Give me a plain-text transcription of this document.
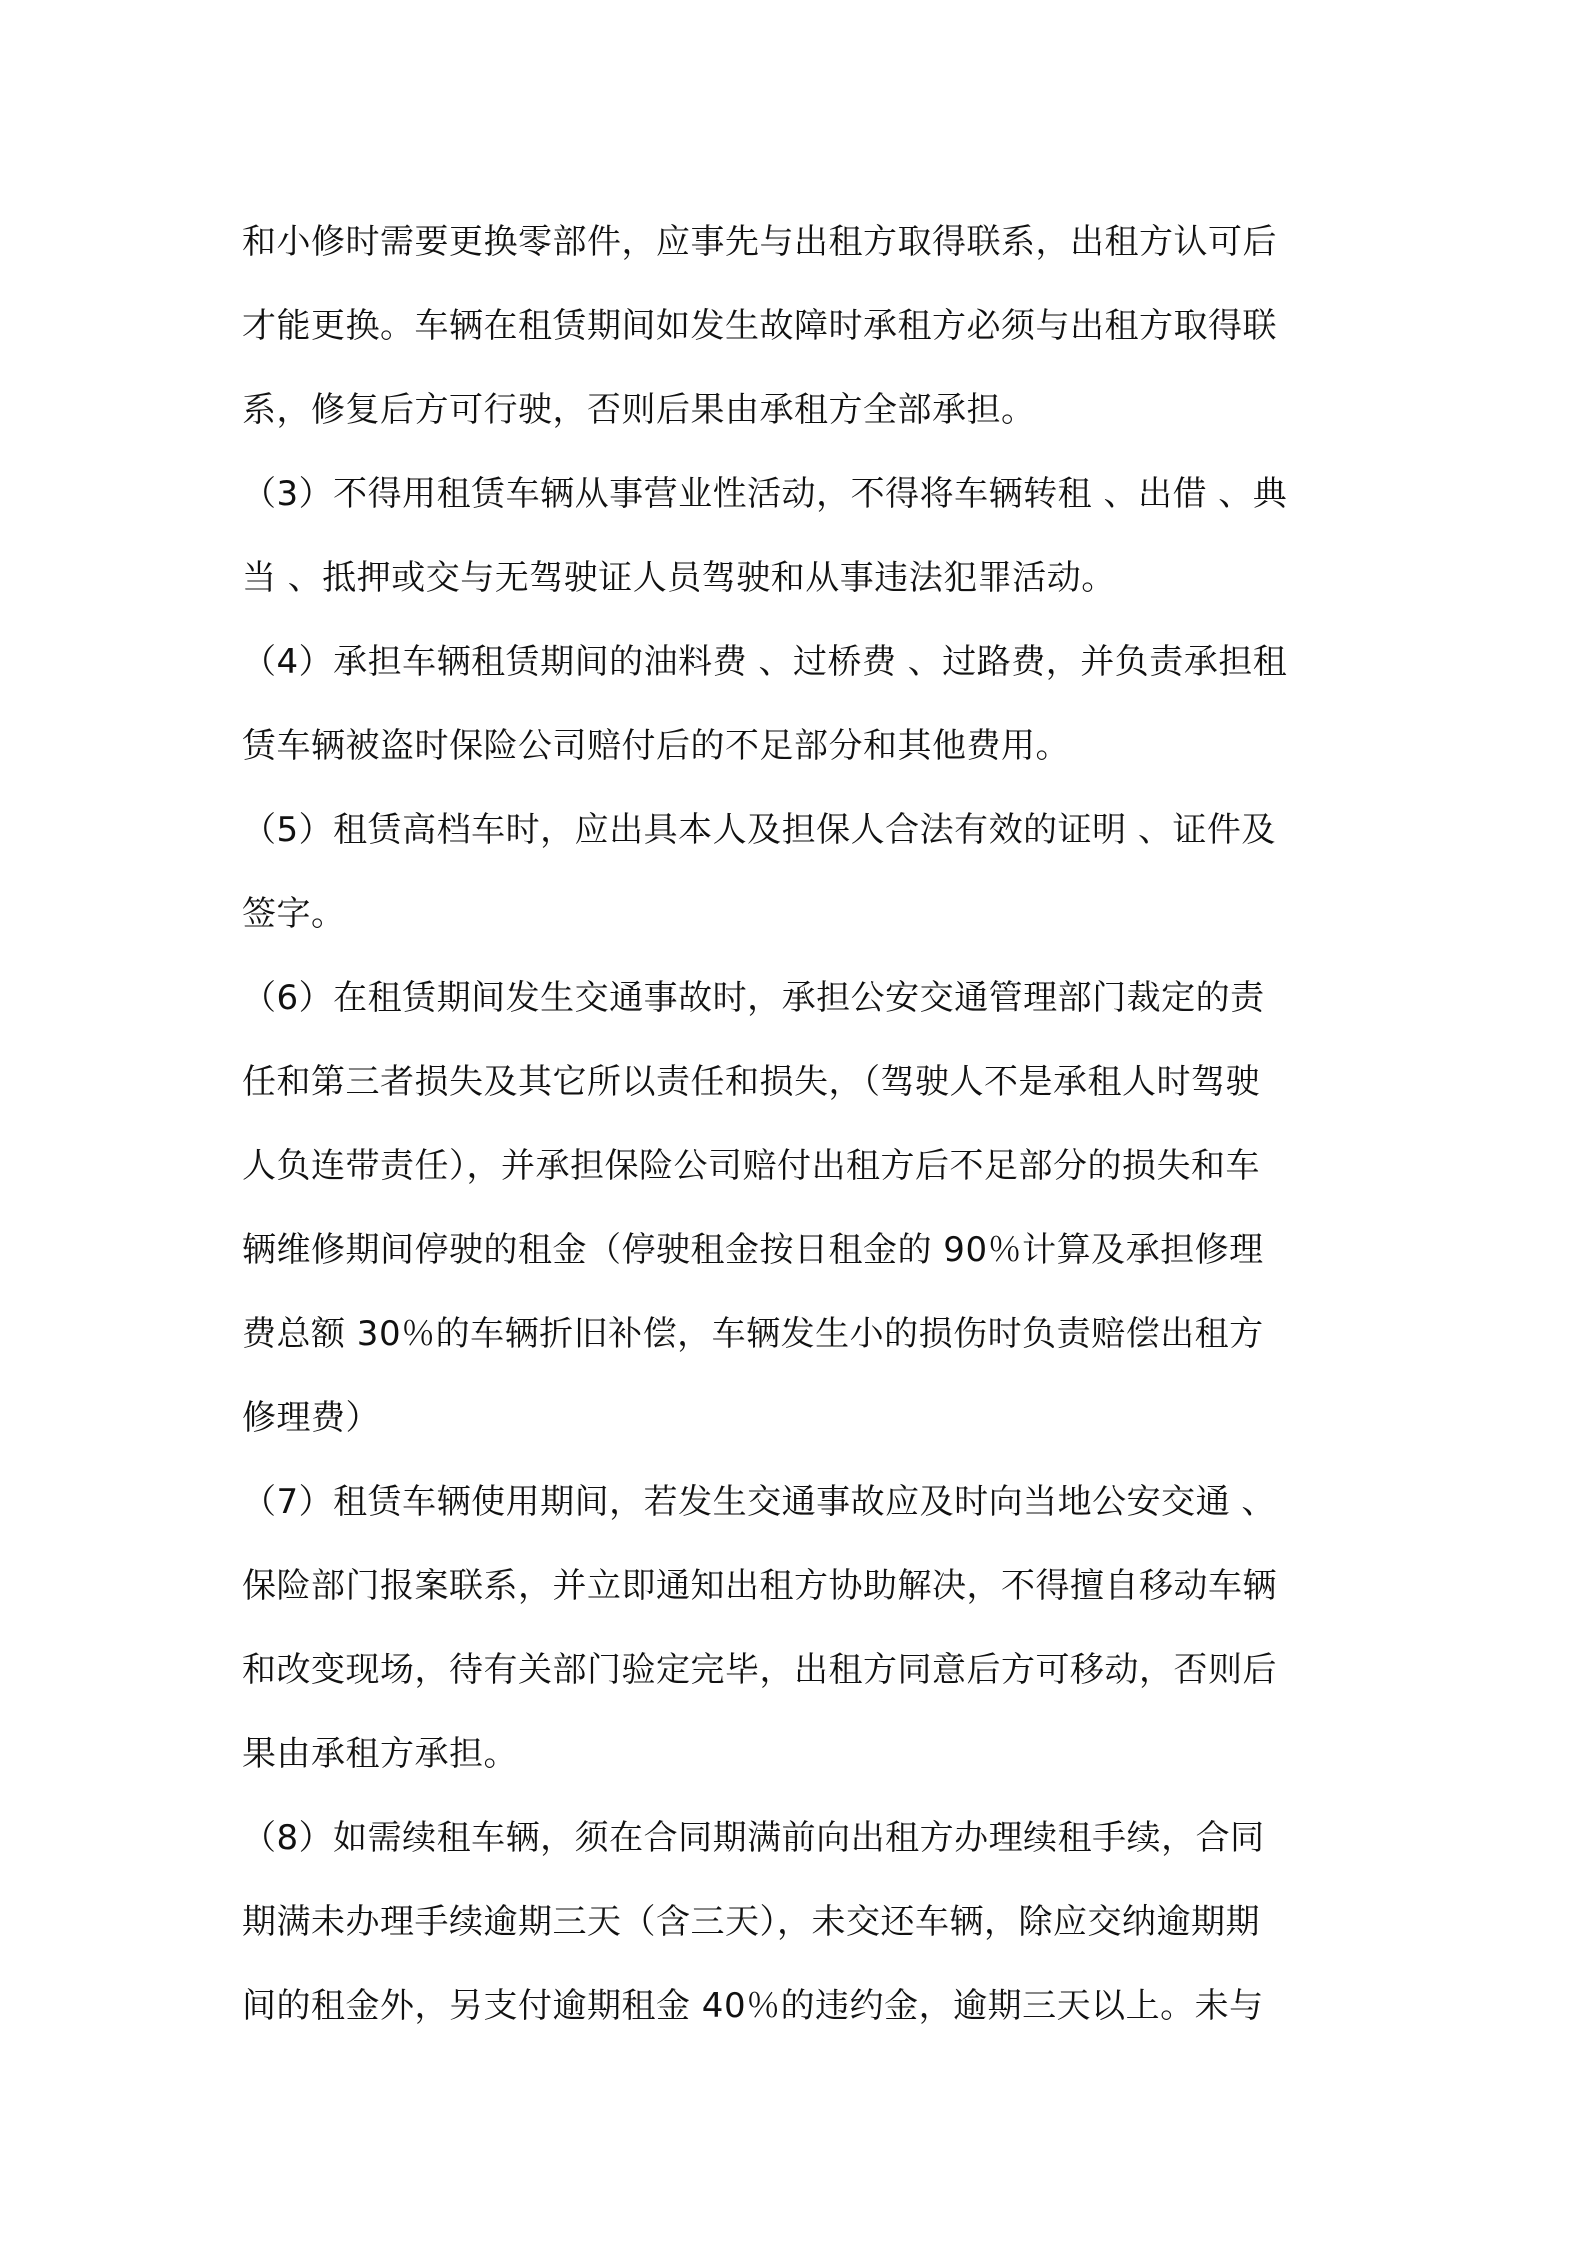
和小修时需要更换零部件，应事先与出租方取得联系，出租方认可后
才能更换。车辆在租赁期间如发生故障时承租方必须与出租方取得联
系，修复后方可行驶，否则后果由承租方全部承担。
（3）不得用租赁车辆从事营业性活动，不得将车辆转租 、出借 、典
当 、抵押或交与无驾驶证人员驾驶和从事违法犯罪活动。
（4）承担车辆租赁期间的油料费 、过桥费 、过路费，并负责承担租
赁车辆被盗时保险公司赔付后的不足部分和其他费用。
（5）租赁高档车时，应出具本人及担保人合法有效的证明 、证件及
签字。
（6）在租赁期间发生交通事故时，承担公安交通管理部门裁定的责
任和第三者损失及其它所以责任和损失，（驾驶人不是承租人时驾驶
人负连带责任），并承担保险公司赔付出租方后不足部分的损失和车
辆维修期间停驶的租金（停驶租金按日租金的 90％计算及承担修理
费总额 30％的车辆折旧补偿，车辆发生小的损伤时负责赔偿出租方
修理费）
（7）租赁车辆使用期间，若发生交通事故应及时向当地公安交通 、
保险部门报案联系，并立即通知出租方协助解决，不得擅自移动车辆
和改变现场，待有关部门验定完毕，出租方同意后方可移动，否则后
果由承租方承担。
（8）如需续租车辆，须在合同期满前向出租方办理续租手续，合同
期满未办理手续逾期三天（含三天），未交还车辆，除应交纳逾期期
间的租金外，另支付逾期租金 40％的违约金，逾期三天以上。未与
